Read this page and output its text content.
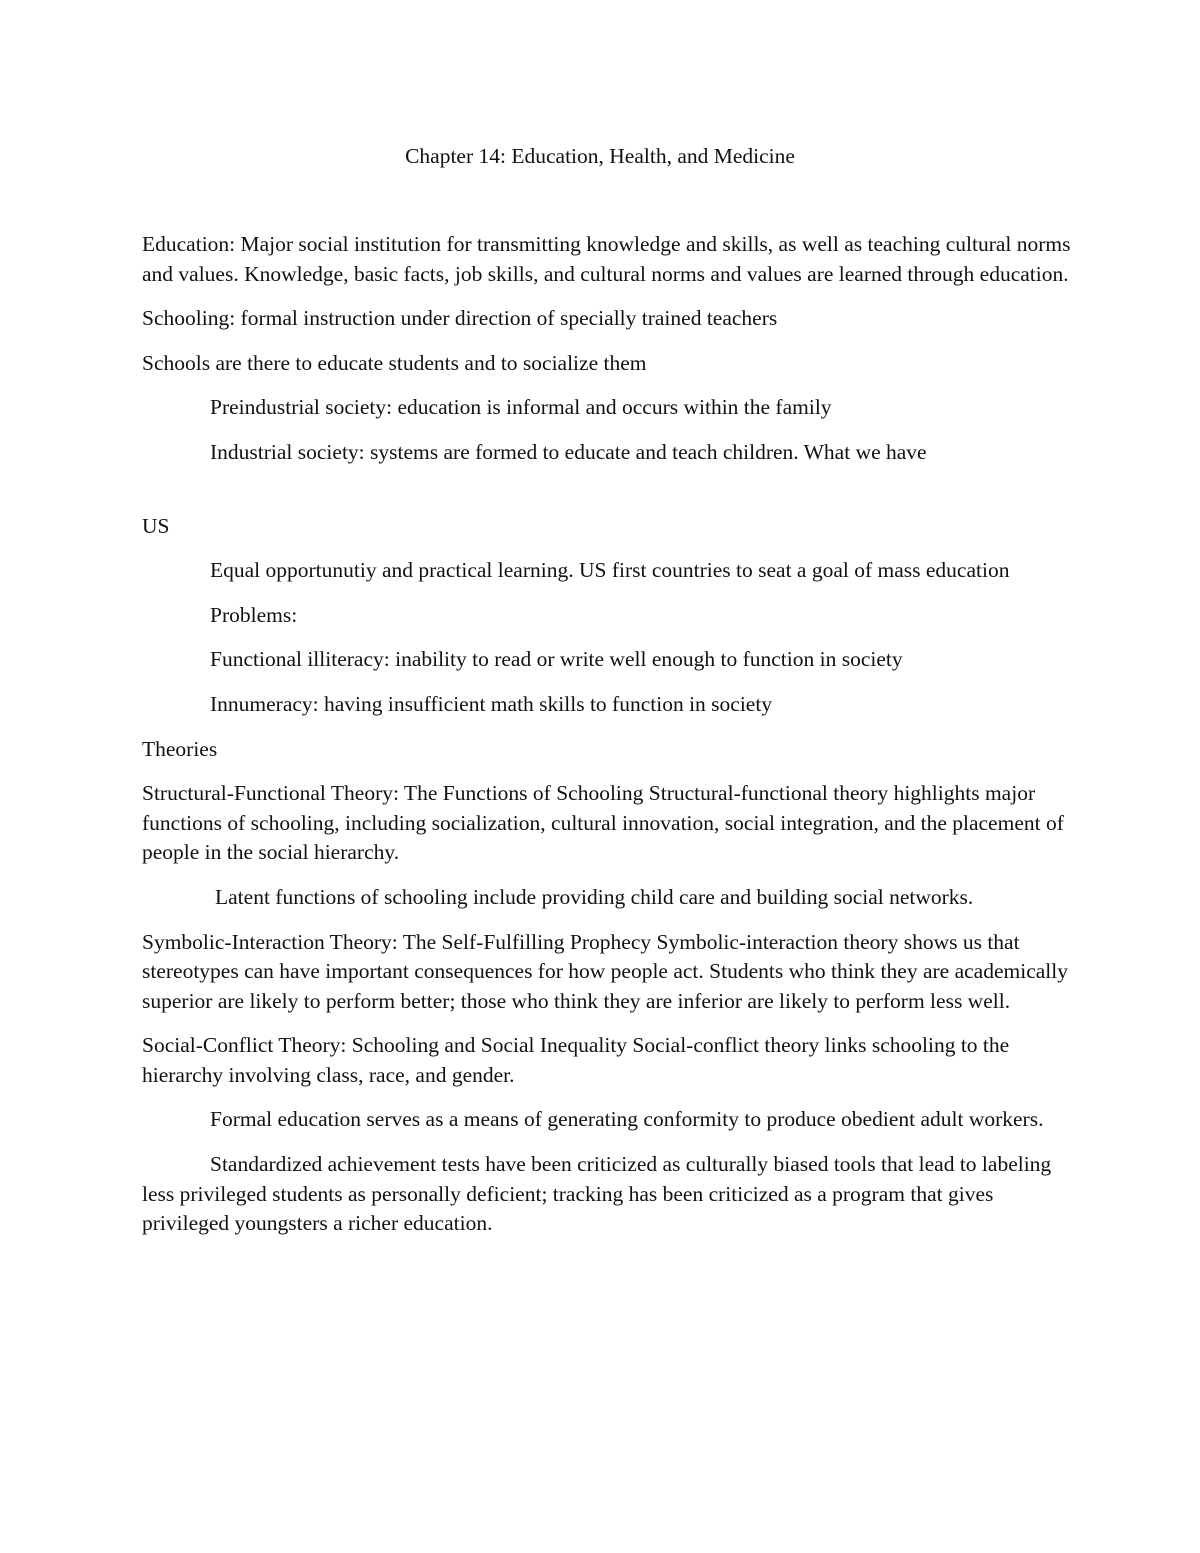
Chapter 14: Education, Health, and Medicine

Education: Major social institution for transmitting knowledge and skills, as well as teaching cultural norms and values. Knowledge, basic facts, job skills, and cultural norms and values are learned through education.

Schooling: formal instruction under direction of specially trained teachers

Schools are there to educate students and to socialize them

Preindustrial society: education is informal and occurs within the family

Industrial society: systems are formed to educate and teach children. What we have

US

Equal opportunutiy and practical learning. US first countries to seat a goal of mass education

Problems:

Functional illiteracy: inability to read or write well enough to function in society

Innumeracy: having insufficient math skills to function in society

Theories

Structural-Functional Theory: The Functions of Schooling Structural-functional theory highlights major functions of schooling, including socialization, cultural innovation, social integration, and the placement of people in the social hierarchy.

Latent functions of schooling include providing child care and building social networks.

Symbolic-Interaction Theory: The Self-Fulfilling Prophecy Symbolic-interaction theory shows us that stereotypes can have important consequences for how people act. Students who think they are academically superior are likely to perform better; those who think they are inferior are likely to perform less well.

Social-Conflict Theory: Schooling and Social Inequality Social-conflict theory links schooling to the hierarchy involving class, race, and gender.

Formal education serves as a means of generating conformity to produce obedient adult workers.

Standardized achievement tests have been criticized as culturally biased tools that lead to labeling less privileged students as personally deficient; tracking has been criticized as a program that gives privileged youngsters a richer education.
